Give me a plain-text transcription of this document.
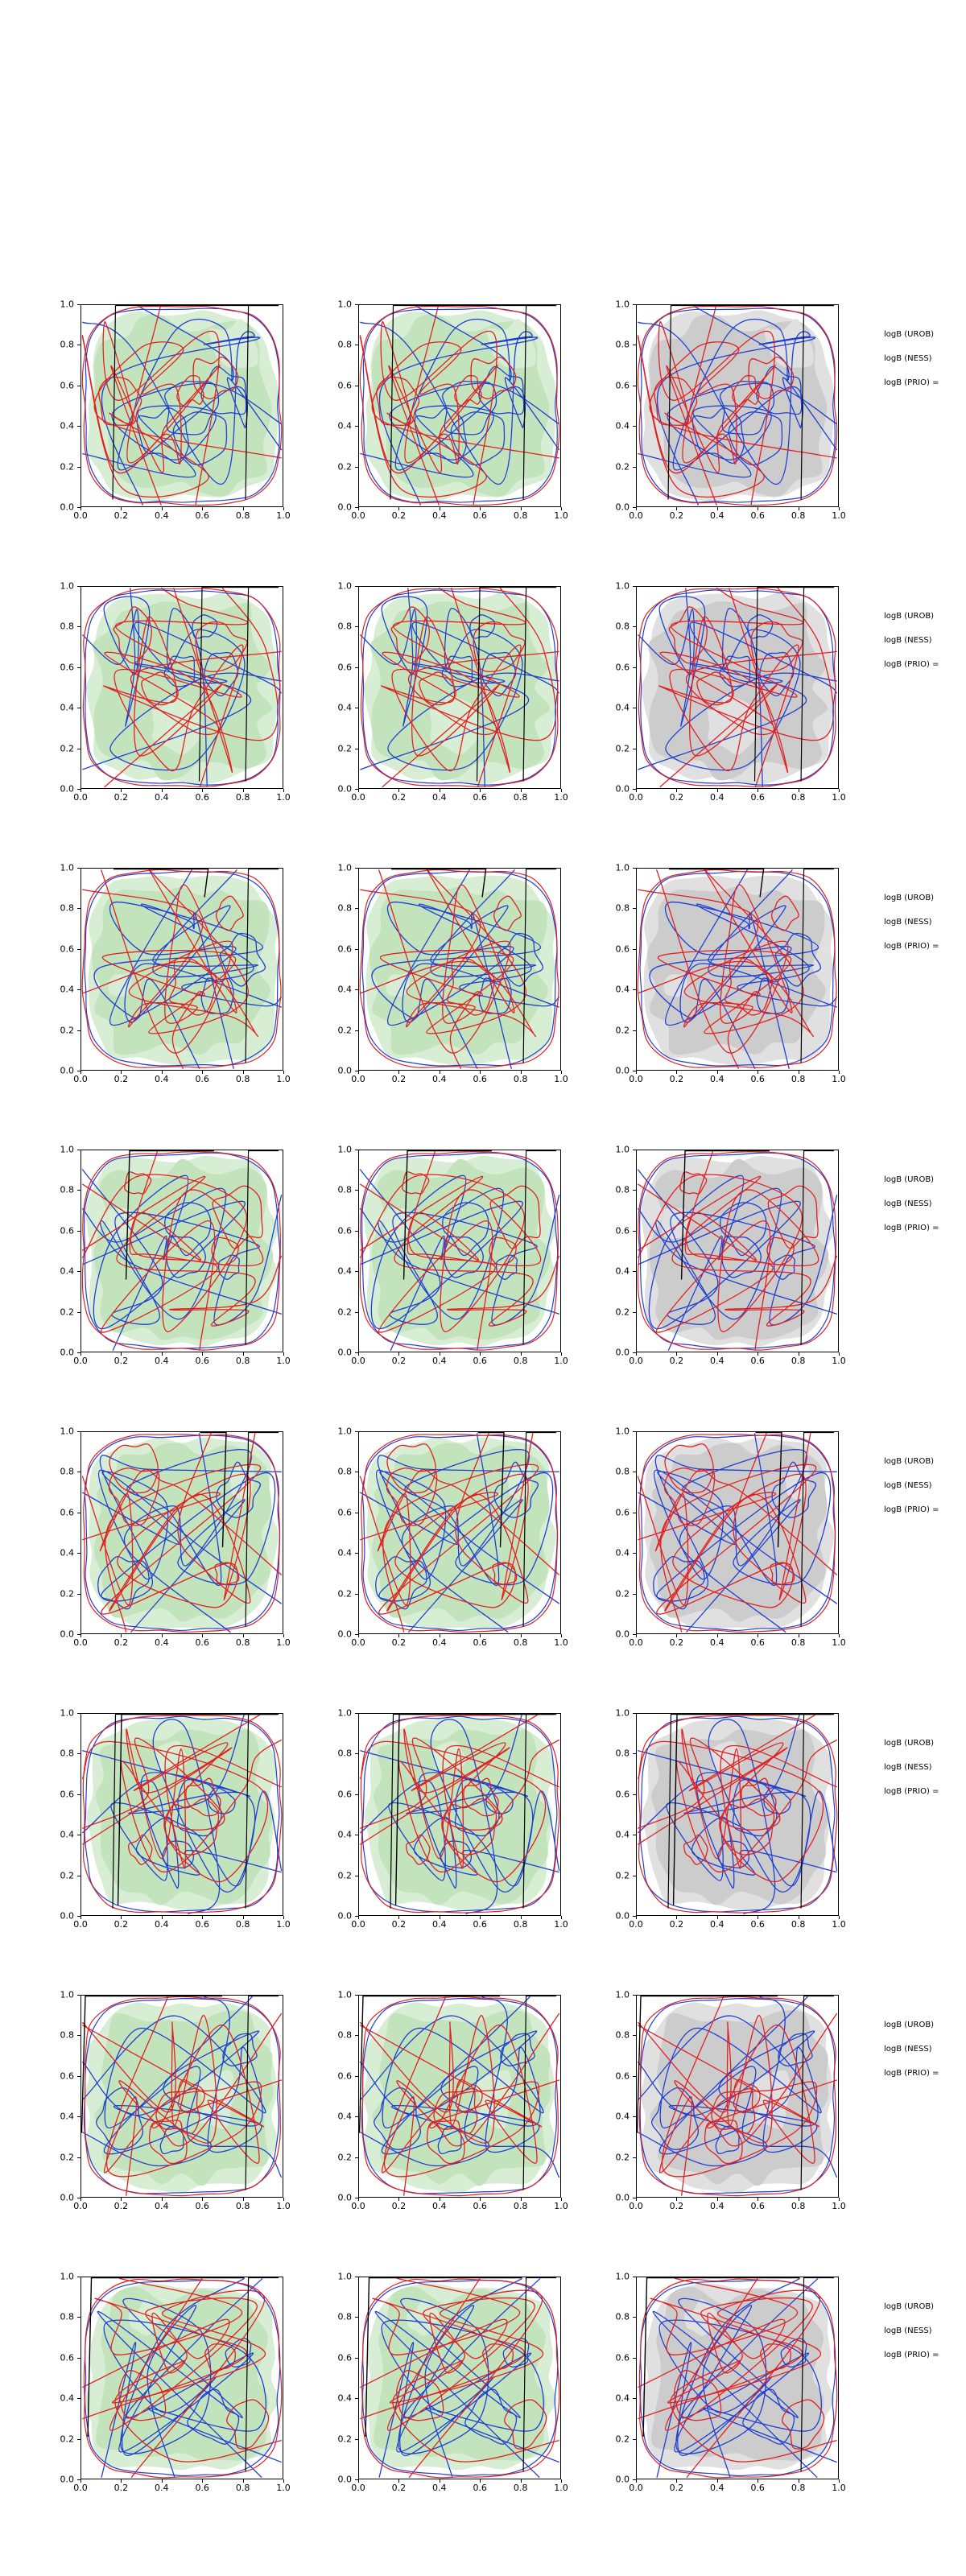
0.0
0.2
0.4
0.6
0.8
1.0
0.0	0.2	0.4	0.6	0.8	1.0
0.0
0.2
0.4
0.6
0.8
1.0
0.0	0.2	0.4	0.6	0.8	1.0
0.0
0.2
0.4
0.6
0.8
1.0
0.0	0.2	0.4	0.6	0.8	1.0
logB (UROB)
logB (NESS)
logB (PRIO) =
0.0
0.2
0.4
0.6
0.8
1.0
0.0	0.2	0.4	0.6	0.8	1.0
0.0
0.2
0.4
0.6
0.8
1.0
0.0	0.2	0.4	0.6	0.8	1.0
0.0
0.2
0.4
0.6
0.8
1.0
0.0	0.2	0.4	0.6	0.8	1.0
logB (UROB)
logB (NESS)
logB (PRIO) =
0.0
0.2
0.4
0.6
0.8
1.0
0.0	0.2	0.4	0.6	0.8	1.0
0.0
0.2
0.4
0.6
0.8
1.0
0.0	0.2	0.4	0.6	0.8	1.0
0.0
0.2
0.4
0.6
0.8
1.0
0.0	0.2	0.4	0.6	0.8	1.0
logB (UROB)
logB (NESS)
logB (PRIO) =
0.0
0.2
0.4
0.6
0.8
1.0
0.0	0.2	0.4	0.6	0.8	1.0
0.0
0.2
0.4
0.6
0.8
1.0
0.0	0.2	0.4	0.6	0.8	1.0
0.0
0.2
0.4
0.6
0.8
1.0
0.0	0.2	0.4	0.6	0.8	1.0
logB (UROB)
logB (NESS)
logB (PRIO) =
0.0
0.2
0.4
0.6
0.8
1.0
0.0	0.2	0.4	0.6	0.8	1.0
0.0
0.2
0.4
0.6
0.8
1.0
0.0	0.2	0.4	0.6	0.8	1.0
0.0
0.2
0.4
0.6
0.8
1.0
0.0	0.2	0.4	0.6	0.8	1.0
logB (UROB)
logB (NESS)
logB (PRIO) =
0.0
0.2
0.4
0.6
0.8
1.0
0.0	0.2	0.4	0.6	0.8	1.0
0.0
0.2
0.4
0.6
0.8
1.0
0.0	0.2	0.4	0.6	0.8	1.0
0.0
0.2
0.4
0.6
0.8
1.0
0.0	0.2	0.4	0.6	0.8	1.0
logB (UROB)
logB (NESS)
logB (PRIO) =
0.0
0.2
0.4
0.6
0.8
1.0
0.0	0.2	0.4	0.6	0.8	1.0
0.0
0.2
0.4
0.6
0.8
1.0
0.0	0.2	0.4	0.6	0.8	1.0
0.0
0.2
0.4
0.6
0.8
1.0
0.0	0.2	0.4	0.6	0.8	1.0
logB (UROB)
logB (NESS)
logB (PRIO) =
0.0
0.2
0.4
0.6
0.8
1.0
0.0	0.2	0.4	0.6	0.8	1.0
0.0
0.2
0.4
0.6
0.8
1.0
0.0	0.2	0.4	0.6	0.8	1.0
0.0
0.2
0.4
0.6
0.8
1.0
0.0	0.2	0.4	0.6	0.8	1.0
logB (UROB)
logB (NESS)
logB (PRIO) =
